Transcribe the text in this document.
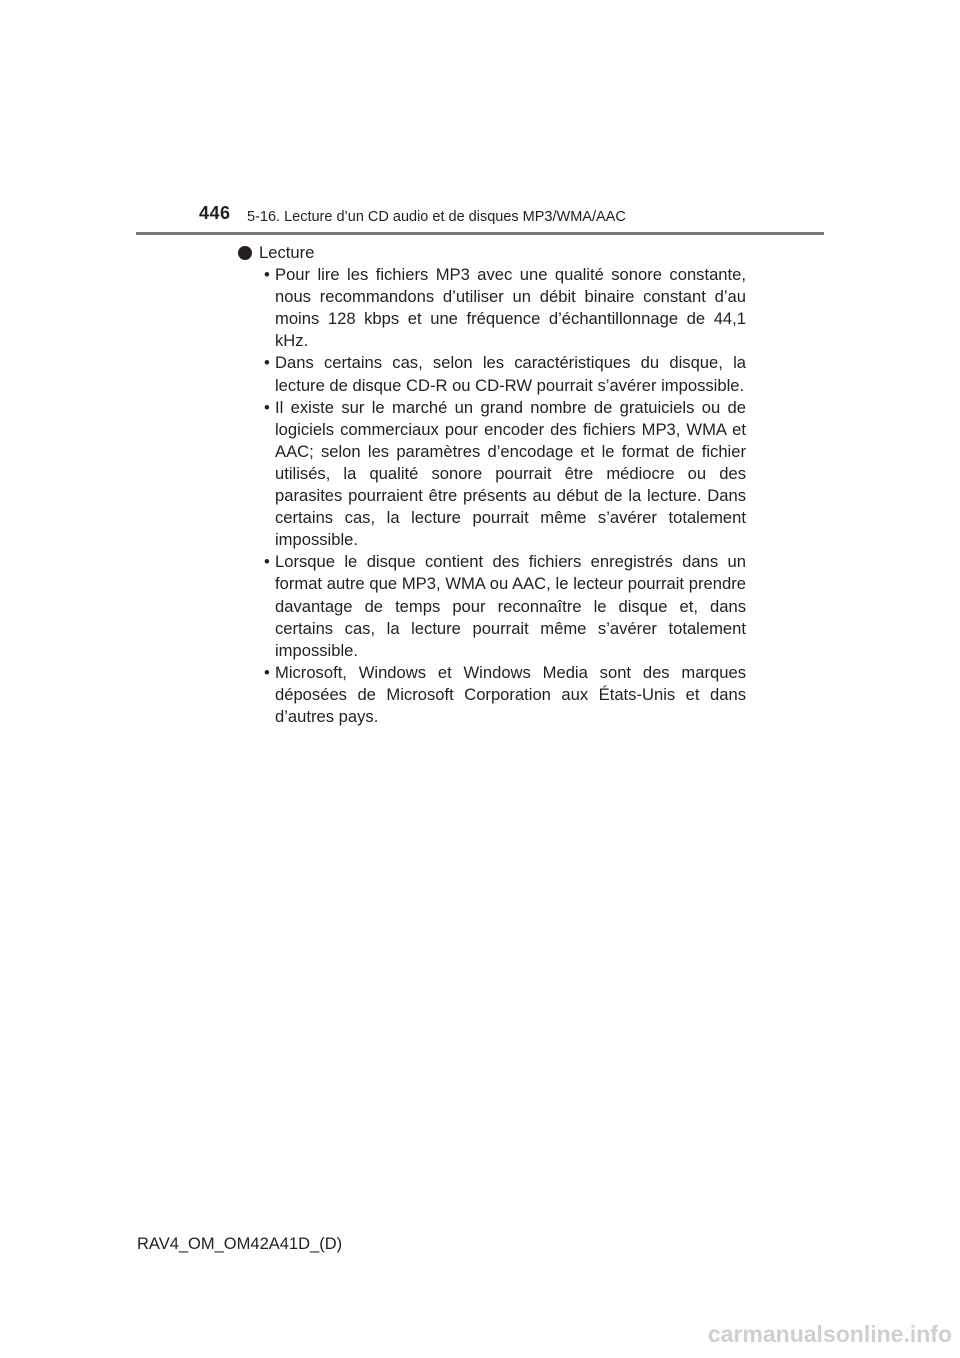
446 5-16. Lecture d’un CD audio et de disques MP3/WMA/AAC
Lecture
• Pour lire les fichiers MP3 avec une qualité sonore constante, nous recommandons d’utiliser un débit binaire constant d’au moins 128 kbps et une fréquence d’échantillonnage de 44,1 kHz.
• Dans certains cas, selon les caractéristiques du disque, la lecture de disque CD-R ou CD-RW pourrait s’avérer impossible.
• Il existe sur le marché un grand nombre de gratuiciels ou de logiciels commerciaux pour encoder des fichiers MP3, WMA et AAC; selon les paramètres d’encodage et le format de fichier utilisés, la qualité sonore pourrait être médiocre ou des parasites pourraient être présents au début de la lecture. Dans certains cas, la lecture pourrait même s’avérer totalement impossible.
• Lorsque le disque contient des fichiers enregistrés dans un format autre que MP3, WMA ou AAC, le lecteur pourrait prendre davantage de temps pour reconnaître le disque et, dans certains cas, la lecture pourrait même s’avérer totalement impossible.
• Microsoft, Windows et Windows Media sont des marques déposées de Microsoft Corporation aux États-Unis et dans d’autres pays.
RAV4_OM_OM42A41D_(D)
carmanualsonline.info
